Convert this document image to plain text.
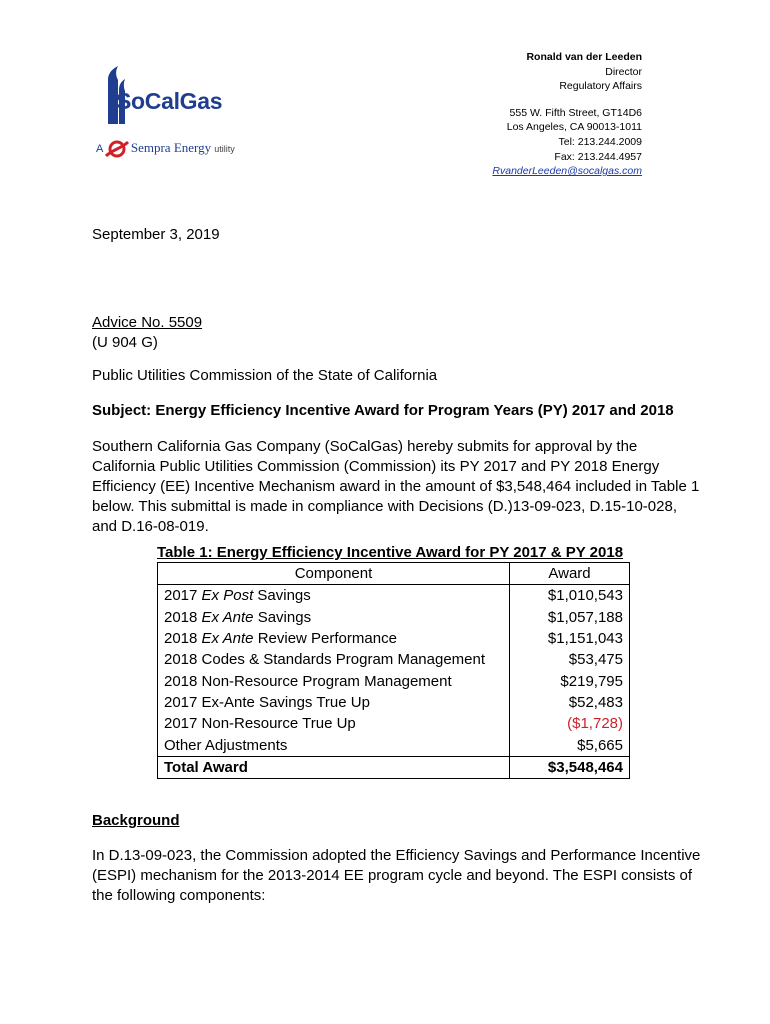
SoCalGas
A Sempra Energy utility
Ronald van der Leeden
Director
Regulatory Affairs
555 W. Fifth Street, GT14D6
Los Angeles, CA 90013-1011
Tel: 213.244.2009
Fax: 213.244.4957
RvanderLeeden@socalgas.com
September 3, 2019
Advice No. 5509
(U 904 G)
Public Utilities Commission of the State of California
Subject: Energy Efficiency Incentive Award for Program Years (PY) 2017 and 2018
Southern California Gas Company (SoCalGas) hereby submits for approval by the California Public Utilities Commission (Commission) its PY 2017 and PY 2018 Energy Efficiency (EE) Incentive Mechanism award in the amount of $3,548,464 included in Table 1 below. This submittal is made in compliance with Decisions (D.)13-09-023, D.15-10-028, and D.16-08-019.
Table 1: Energy Efficiency Incentive Award for PY 2017 & PY 2018
Component	Award
2017 Ex Post Savings	$1,010,543
2018 Ex Ante Savings	$1,057,188
2018 Ex Ante Review Performance	$1,151,043
2018 Codes & Standards Program Management	$53,475
2018 Non-Resource Program Management	$219,795
2017 Ex-Ante Savings True Up	$52,483
2017 Non-Resource True Up	($1,728)
Other Adjustments	$5,665
Total Award	$3,548,464
Background
In D.13-09-023, the Commission adopted the Efficiency Savings and Performance Incentive (ESPI) mechanism for the 2013-2014 EE program cycle and beyond. The ESPI consists of the following components:
